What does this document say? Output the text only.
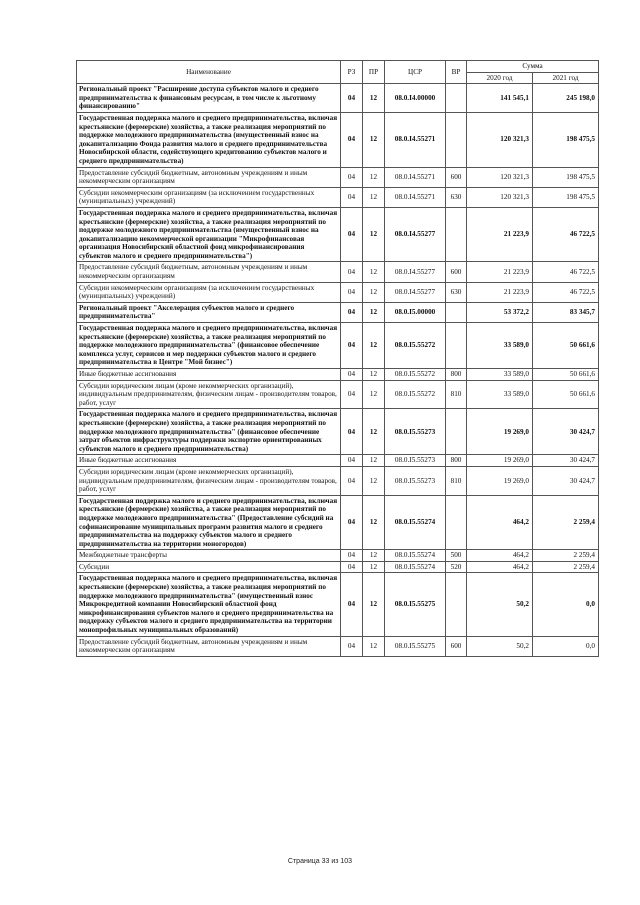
Наименование	РЗ	ПР	ЦСР	ВР	Сумма	
					2020 год	2021 год
Региональный проект "Расширение доступа субъектов малого и среднего предпринимательства к финансовым ресурсам, в том числе к льготному финансированию"	04	12	08.0.I4.00000		141 545,1	245 198,0
Государственная поддержка малого и среднего предпринимательства, включая крестьянские (фермерские) хозяйства, а также реализация мероприятий по поддержке молодежного предпринимательства (имущественный взнос на докапитализацию Фонда развития малого и среднего предпринимательства Новосибирской области, содействующего кредитованию субъектов малого и среднего предпринимательства)	04	12	08.0.I4.55271		120 321,3	198 475,5
Предоставление субсидий бюджетным, автономным учреждениям и иным некоммерческим организациям	04	12	08.0.I4.55271	600	120 321,3	198 475,5
Субсидии некоммерческим организациям (за исключением государственных (муниципальных) учреждений)	04	12	08.0.I4.55271	630	120 321,3	198 475,5
Государственная поддержка малого и среднего предпринимательства, включая крестьянские (фермерские) хозяйства, а также реализация мероприятий по поддержке молодежного предпринимательства (имущественный взнос на докапитализацию некоммерческой организации "Микрофинансовая организация Новосибирский областной фонд микрофинансирования субъектов малого и среднего предпринимательства")	04	12	08.0.I4.55277		21 223,9	46 722,5
Предоставление субсидий бюджетным, автономным учреждениям и иным некоммерческим организациям	04	12	08.0.I4.55277	600	21 223,9	46 722,5
Субсидии некоммерческим организациям (за исключением государственных (муниципальных) учреждений)	04	12	08.0.I4.55277	630	21 223,9	46 722,5
Региональный проект "Акселерация субъектов малого и среднего предпринимательства"	04	12	08.0.I5.00000		53 372,2	83 345,7
Государственная поддержка малого и среднего предпринимательства, включая крестьянские (фермерские) хозяйства, а также реализация мероприятий по поддержке молодежного предпринимательства" (финансовое обеспечение комплекса услуг, сервисов и мер поддержки субъектов малого и среднего предпринимательства в Центре "Мой бизнес")	04	12	08.0.I5.55272		33 589,0	50 661,6
Иные бюджетные ассигнования	04	12	08.0.I5.55272	800	33 589,0	50 661,6
Субсидии юридическим лицам (кроме некоммерческих организаций), индивидуальным предпринимателям, физическим лицам - производителям товаров, работ, услуг	04	12	08.0.I5.55272	810	33 589,0	50 661,6
Государственная поддержка малого и среднего предпринимательства, включая крестьянские (фермерские) хозяйства, а также реализация мероприятий по поддержке молодежного предпринимательства" (финансовое обеспечение затрат объектов инфраструктуры поддержки экспортно ориентированных субъектов малого и среднего предпринимательства)	04	12	08.0.I5.55273		19 269,0	30 424,7
Иные бюджетные ассигнования	04	12	08.0.I5.55273	800	19 269,0	30 424,7
Субсидии юридическим лицам (кроме некоммерческих организаций), индивидуальным предпринимателям, физическим лицам - производителям товаров, работ, услуг	04	12	08.0.I5.55273	810	19 269,0	30 424,7
Государственная поддержка малого и среднего предпринимательства, включая крестьянские (фермерские) хозяйства, а также реализация мероприятий по поддержке молодежного предпринимательства" (Предоставление субсидий на софинансирование муниципальных программ развития малого и среднего предпринимательства на поддержку субъектов малого и среднего предпринимательства на территории моногородов)	04	12	08.0.I5.55274		464,2	2 259,4
Межбюджетные трансферты	04	12	08.0.I5.55274	500	464,2	2 259,4
Субсидии	04	12	08.0.I5.55274	520	464,2	2 259,4
Государственная поддержка малого и среднего предпринимательства, включая крестьянские (фермерские) хозяйства, а также реализация мероприятий по поддержке молодежного предпринимательства" (имущественный взнос Микрокредитной компании Новосибирский областной фонд микрофинансирования субъектов малого и среднего предпринимательства на поддержку субъектов малого и среднего предпринимательства на территории монопрофильных муниципальных образований)	04	12	08.0.I5.55275		50,2	0,0
Предоставление субсидий бюджетным, автономным учреждениям и иным некоммерческим организациям	04	12	08.0.I5.55275	600	50,2	0,0
Страница 33 из 103
